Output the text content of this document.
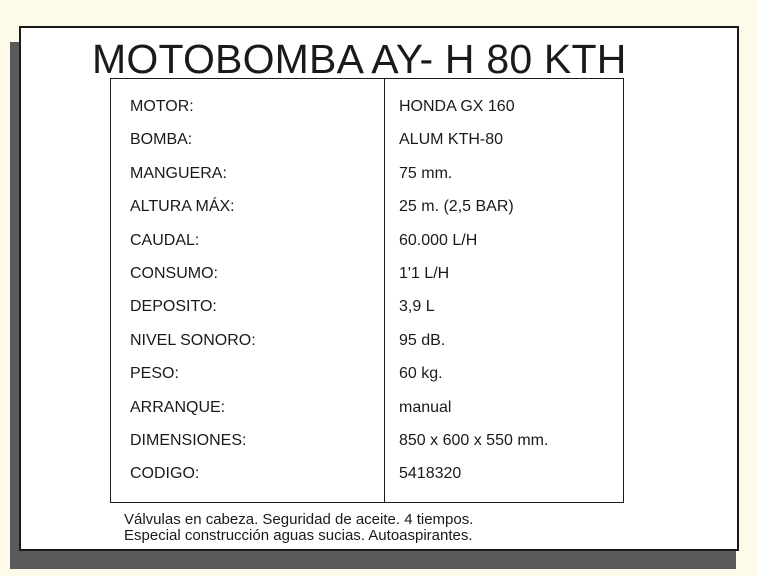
MOTOBOMBA AY- H 80 KTH
MOTOR:	HONDA GX 160
BOMBA:	ALUM KTH-80
MANGUERA:	75 mm.
ALTURA MÁX:	25 m. (2,5 BAR)
CAUDAL:	60.000 L/H
CONSUMO:	1'1 L/H
DEPOSITO:	3,9 L
NIVEL SONORO:	95 dB.
PESO:	60 kg.
ARRANQUE:	manual
DIMENSIONES:	850 x 600 x 550 mm.
CODIGO:	5418320
Válvulas en cabeza. Seguridad de aceite. 4 tiempos.
Especial construcción aguas sucias. Autoaspirantes.
